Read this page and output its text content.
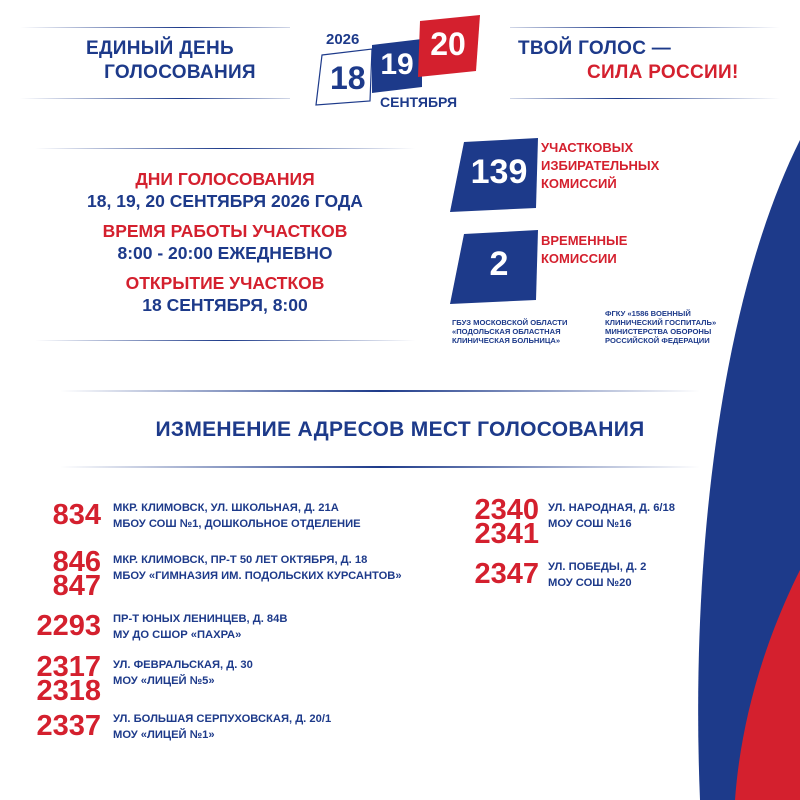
ЕДИНЫЙ ДЕНЬ
ГОЛОСОВАНИЯ
2026
18 19
20
СЕНТЯБРЯ
ТВОЙ ГОЛОС —
СИЛА РОССИИ!
ДНИ ГОЛОСОВАНИЯ
18, 19, 20 СЕНТЯБРЯ 2026 ГОДА
ВРЕМЯ РАБОТЫ УЧАСТКОВ
8:00 - 20:00 ЕЖЕДНЕВНО
ОТКРЫТИЕ УЧАСТКОВ
18 СЕНТЯБРЯ, 8:00
139
УЧАСТКОВЫХ
ИЗБИРАТЕЛЬНЫХ
КОМИССИЙ
2
ВРЕМЕННЫЕ
КОМИССИИ
ГБУЗ МОСКОВСКОЙ ОБЛАСТИ
«ПОДОЛЬСКАЯ ОБЛАСТНАЯ
КЛИНИЧЕСКАЯ БОЛЬНИЦА»
ФГКУ «1586 ВОЕННЫЙ
КЛИНИЧЕСКИЙ ГОСПИТАЛЬ»
МИНИСТЕРСТВА ОБОРОНЫ
РОССИЙСКОЙ ФЕДЕРАЦИИ
ИЗМЕНЕНИЕ АДРЕСОВ МЕСТ ГОЛОСОВАНИЯ
834 МКР. КЛИМОВСК, УЛ. ШКОЛЬНАЯ, Д. 21А
МБОУ СОШ №1, ДОШКОЛЬНОЕ ОТДЕЛЕНИЕ
846
847
МКР. КЛИМОВСК, ПР-Т 50 ЛЕТ ОКТЯБРЯ, Д. 18
МБОУ «ГИМНАЗИЯ ИМ. ПОДОЛЬСКИХ КУРСАНТОВ»
2293 ПР-Т ЮНЫХ ЛЕНИНЦЕВ, Д. 84В
МУ ДО СШОР «ПАХРА»
2317
2318
УЛ. ФЕВРАЛЬСКАЯ, Д. 30
МОУ «ЛИЦЕЙ №5»
2337 УЛ. БОЛЬШАЯ СЕРПУХОВСКАЯ, Д. 20/1
МОУ «ЛИЦЕЙ №1»
2340
2341
УЛ. НАРОДНАЯ, Д. 6/18
МОУ СОШ №16
2347 УЛ. ПОБЕДЫ, Д. 2
МОУ СОШ №20
